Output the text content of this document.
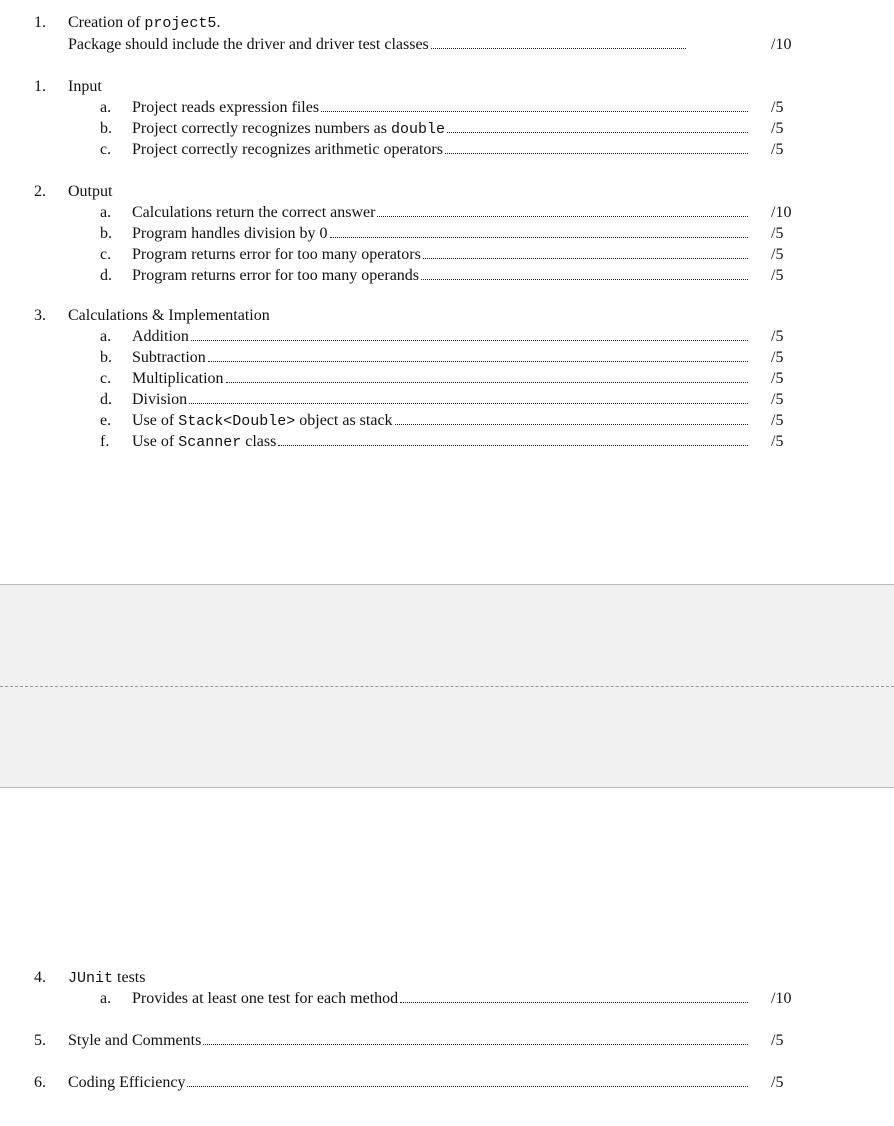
1. Creation of project5.
Package should include the driver and driver test classes	/10
1. Input
a. Project reads expression files	/5
b. Project correctly recognizes numbers as double	/5
c. Project correctly recognizes arithmetic operators	/5
2. Output
a. Calculations return the correct answer	/10
b. Program handles division by 0	/5
c. Program returns error for too many operators	/5
d. Program returns error for too many operands	/5
3. Calculations & Implementation
a. Addition	/5
b. Subtraction	/5
c. Multiplication	/5
d. Division	/5
e. Use of Stack<Double> object as stack	/5
f. Use of Scanner class	/5
4. JUnit tests
a. Provides at least one test for each method	/10
5. Style and Comments	/5
6. Coding Efficiency	/5
